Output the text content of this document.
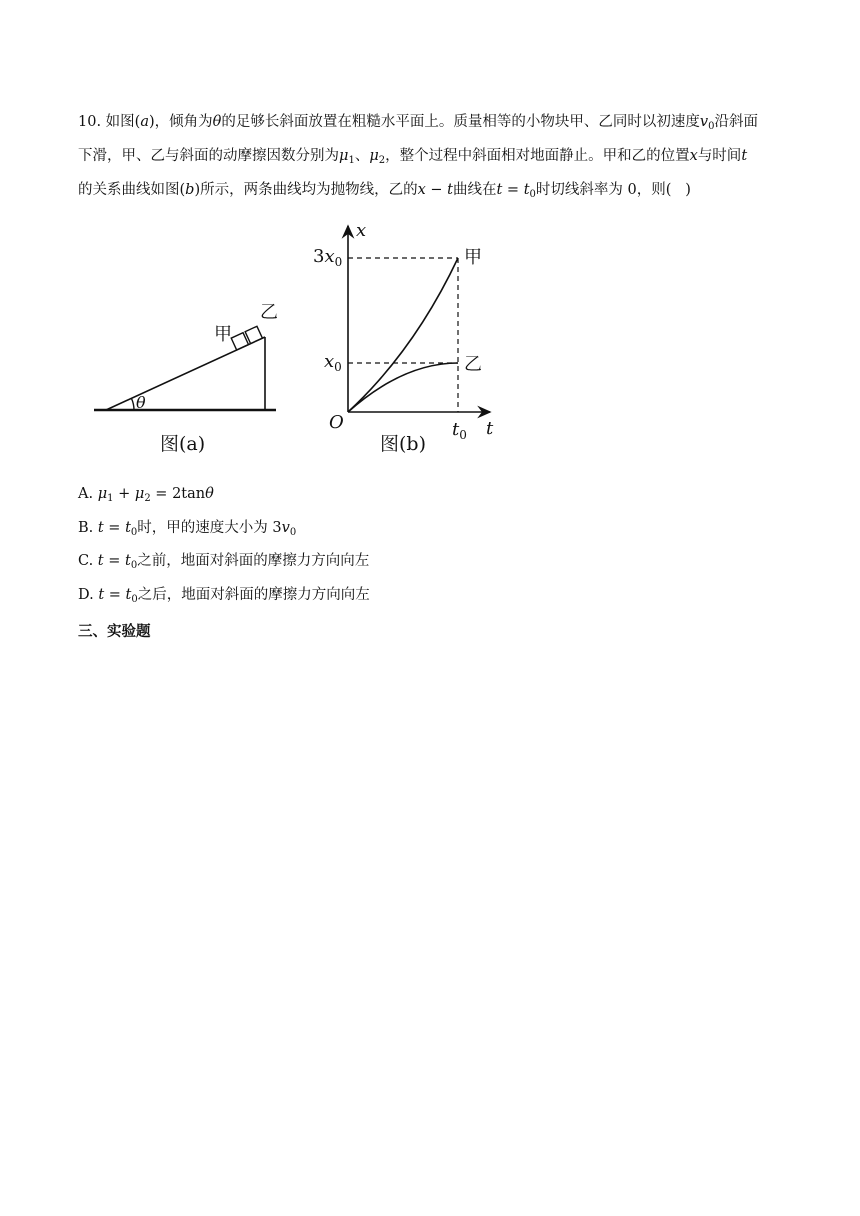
10. 如图(a)，倾角为θ的足够长斜面放置在粗糙水平面上。质量相等的小物块甲、乙同时以初速度$v_0$沿斜面
下滑，甲、乙与斜面的动摩擦因数分别为$\mu_1$、$\mu_2$，整个过程中斜面相对地面静止。甲和乙的位置x与时间t
的关系曲线如图(b)所示，两条曲线均为抛物线，乙的x − t曲线在$t = t_0$时切线斜率为 0，则( )
θ
甲
乙
图(a)
x
t
O
$3x_0$
$x_0$
$t_0$
甲
乙
图(b)
A. $\mu_1 + \mu_2 = 2\tan\theta$
B. $t = t_0$时，甲的速度大小为 $3v_0$
C. $t = t_0$之前，地面对斜面的摩擦力方向向左
D. $t = t_0$之后，地面对斜面的摩擦力方向向左
三、实验题
